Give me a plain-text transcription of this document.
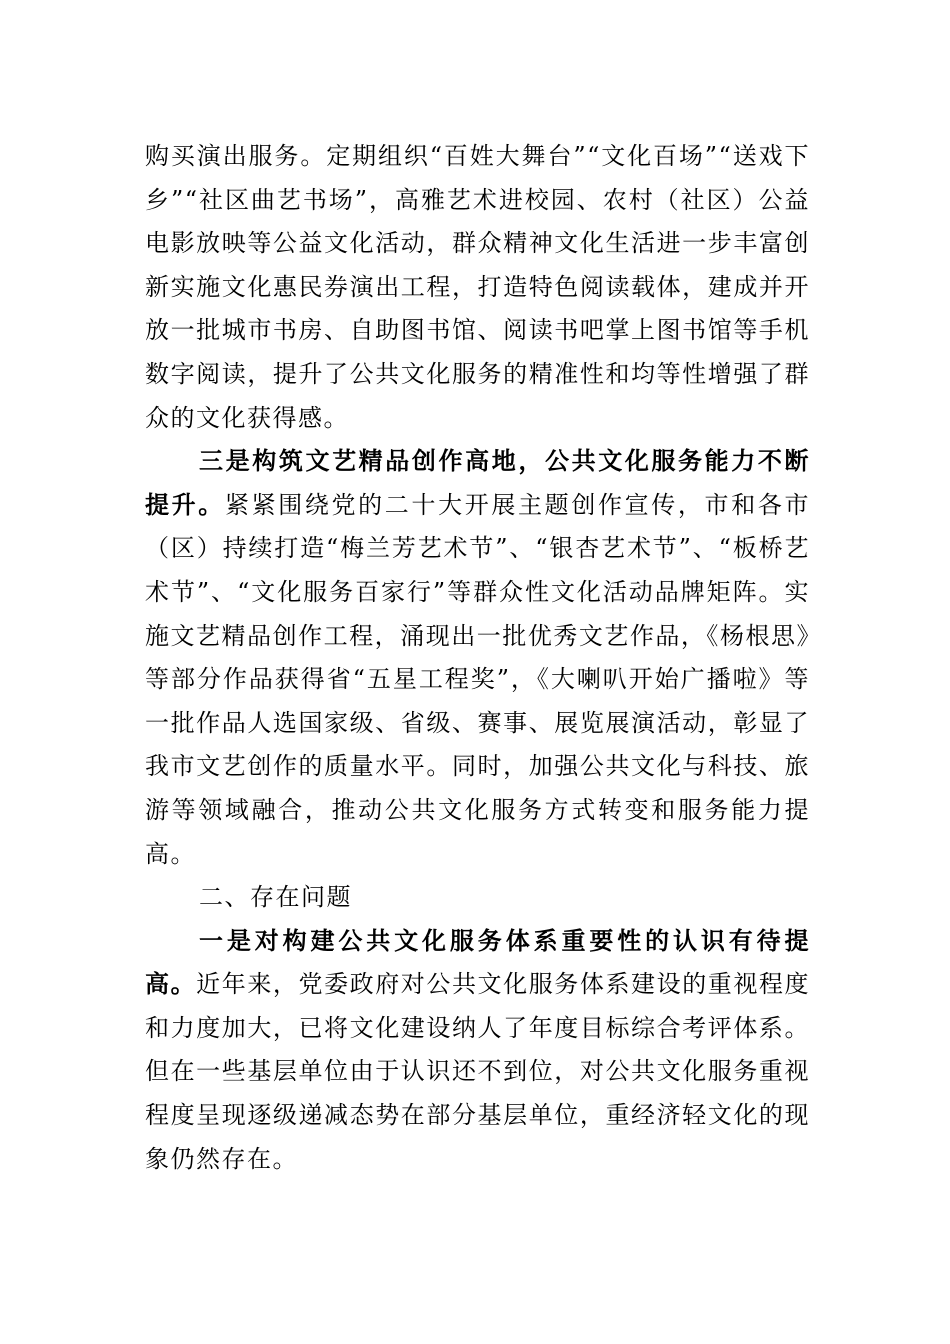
购买演出服务。定期组织“百姓大舞台”“文化百场”“送戏下乡”“社区曲艺书场”，高雅艺术进校园、农村（社区）公益电影放映等公益文化活动，群众精神文化生活进一步丰富创新实施文化惠民券演出工程，打造特色阅读载体，建成并开放一批城市书房、自助图书馆、阅读书吧掌上图书馆等手机数字阅读，提升了公共文化服务的精准性和均等性增强了群众的文化获得感。

三是构筑文艺精品创作高地，公共文化服务能力不断提升。紧紧围绕党的二十大开展主题创作宣传，市和各市（区）持续打造“梅兰芳艺术节”、“银杏艺术节”、“板桥艺术节”、“文化服务百家行”等群众性文化活动品牌矩阵。实施文艺精品创作工程，涌现出一批优秀文艺作品，《杨根思》等部分作品获得省“五星工程奖”，《大喇叭开始广播啦》等一批作品人选国家级、省级、赛事、展览展演活动，彰显了我市文艺创作的质量水平。同时，加强公共文化与科技、旅游等领域融合，推动公共文化服务方式转变和服务能力提高。

二、存在问题

一是对构建公共文化服务体系重要性的认识有待提高。近年来，党委政府对公共文化服务体系建设的重视程度和力度加大，已将文化建设纳人了年度目标综合考评体系。但在一些基层单位由于认识还不到位，对公共文化服务重视程度呈现逐级递减态势在部分基层单位，重经济轻文化的现象仍然存在。
